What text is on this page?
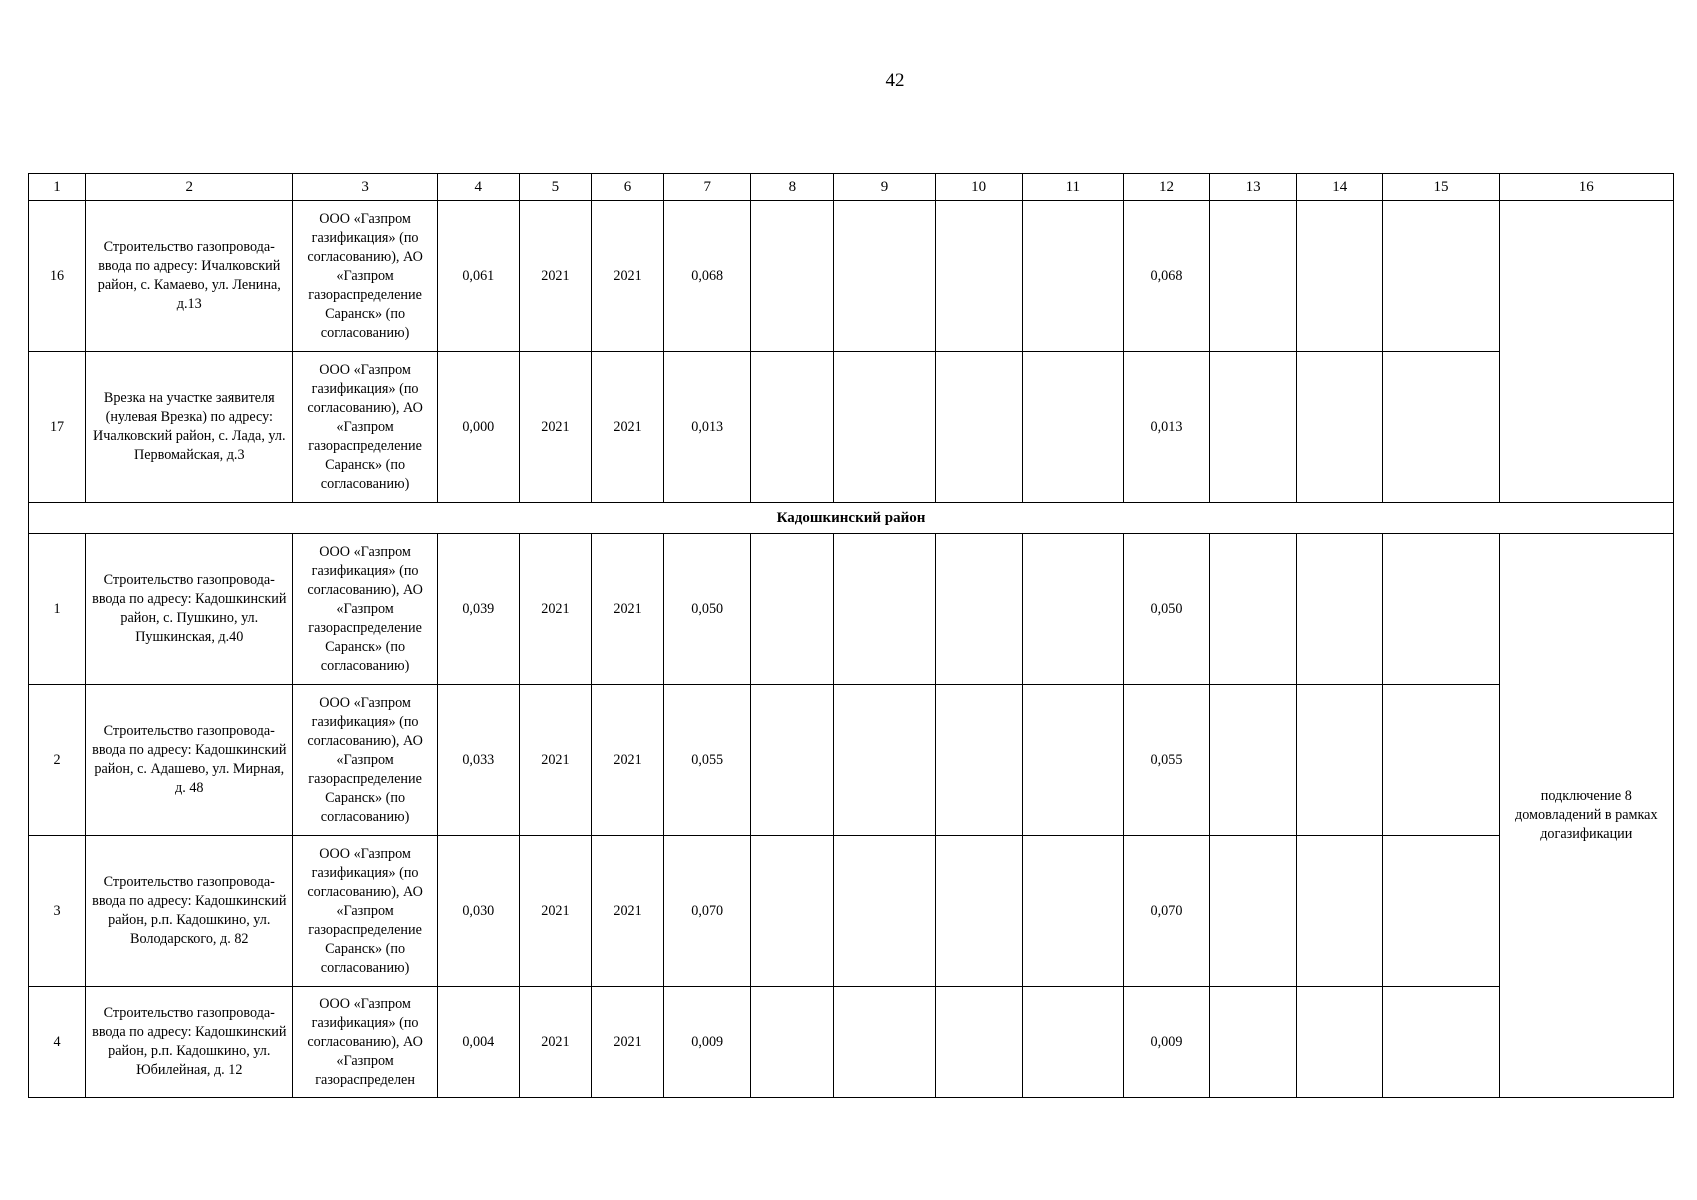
42
1	2	3	4	5	6	7	8	9	10	11	12	13	14	15	16
16	Строительство газопровода-ввода по адресу: Ичалковский район, с. Камаево, ул. Ленина, д.13	ООО «Газпром газификация» (по согласованию), АО «Газпром газораспределение Саранск» (по согласованию)	0,061	2021	2021	0,068					0,068				
17	Врезка на участке заявителя (нулевая Врезка) по адресу: Ичалковский район, с. Лада, ул. Первомайская, д.3	ООО «Газпром газификация» (по согласованию), АО «Газпром газораспределение Саранск» (по согласованию)	0,000	2021	2021	0,013					0,013				
Кадошкинский район															
1	Строительство газопровода-ввода по адресу: Кадошкинский район, с. Пушкино, ул. Пушкинская, д.40	ООО «Газпром газификация» (по согласованию), АО «Газпром газораспределение Саранск» (по согласованию)	0,039	2021	2021	0,050					0,050				подключение 8 домовладений в рамках догазификации
2	Строительство газопровода-ввода по адресу: Кадошкинский район, с. Адашево, ул. Мирная, д. 48	ООО «Газпром газификация» (по согласованию), АО «Газпром газораспределение Саранск» (по согласованию)	0,033	2021	2021	0,055					0,055				
3	Строительство газопровода-ввода по адресу: Кадошкинский район, р.п. Кадошкино, ул. Володарского, д. 82	ООО «Газпром газификация» (по согласованию), АО «Газпром газораспределение Саранск» (по согласованию)	0,030	2021	2021	0,070					0,070				
4	Строительство газопровода-ввода по адресу: Кадошкинский район, р.п. Кадошкино, ул. Юбилейная, д. 12	ООО «Газпром газификация» (по согласованию), АО «Газпром газораспределен	0,004	2021	2021	0,009					0,009				
